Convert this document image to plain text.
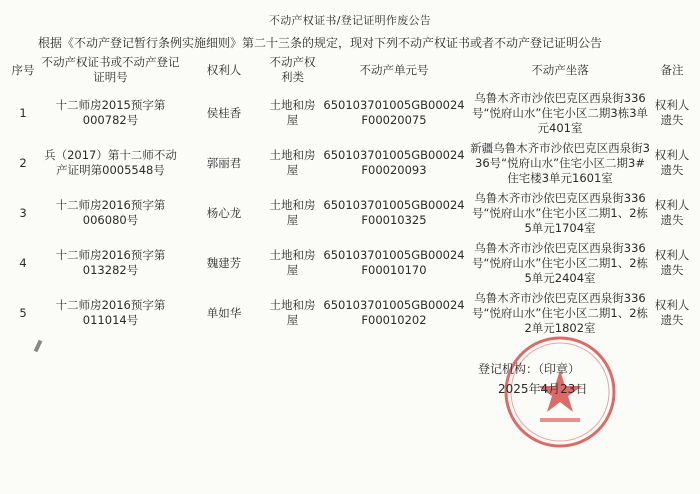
不动产权证书/登记证明作废公告
根据《不动产登记暂行条例实施细则》第二十三条的规定，现对下列不动产权证书或者不动产登记证明公告
序号	不动产权证书或不动产登记证明号	权利人	不动产权利类	不动产单元号	不动产坐落	备注
1	十二师房2015预字第000782号	侯桂香	土地和房屋	650103701005GB00024F00020075	乌鲁木齐市沙依巴克区西泉街336号“悦府山水”住宅小区二期3栋3单元401室	权利人遗失
2	兵（2017）第十二师不动产证明第0005548号	郭丽君	土地和房屋	650103701005GB00024F00020093	新疆乌鲁木齐市沙依巴克区西泉街336号“悦府山水”住宅小区二期3#住宅楼3单元1601室	权利人遗失
3	十二师房2016预字第006080号	杨心龙	土地和房屋	650103701005GB00024F00010325	乌鲁木齐市沙依巴克区西泉街336号“悦府山水”住宅小区二期1、2栋5单元1704室	权利人遗失
4	十二师房2016预字第013282号	魏建芳	土地和房屋	650103701005GB00024F00010170	乌鲁木齐市沙依巴克区西泉街336号“悦府山水”住宅小区二期1、2栋5单元2404室	权利人遗失
5	十二师房2016预字第011014号	单如华	土地和房屋	650103701005GB00024F00010202	乌鲁木齐市沙依巴克区西泉街336号“悦府山水”住宅小区二期1、2栋2单元1802室	权利人遗失
登记机构：（印章）
2025年4月23日
